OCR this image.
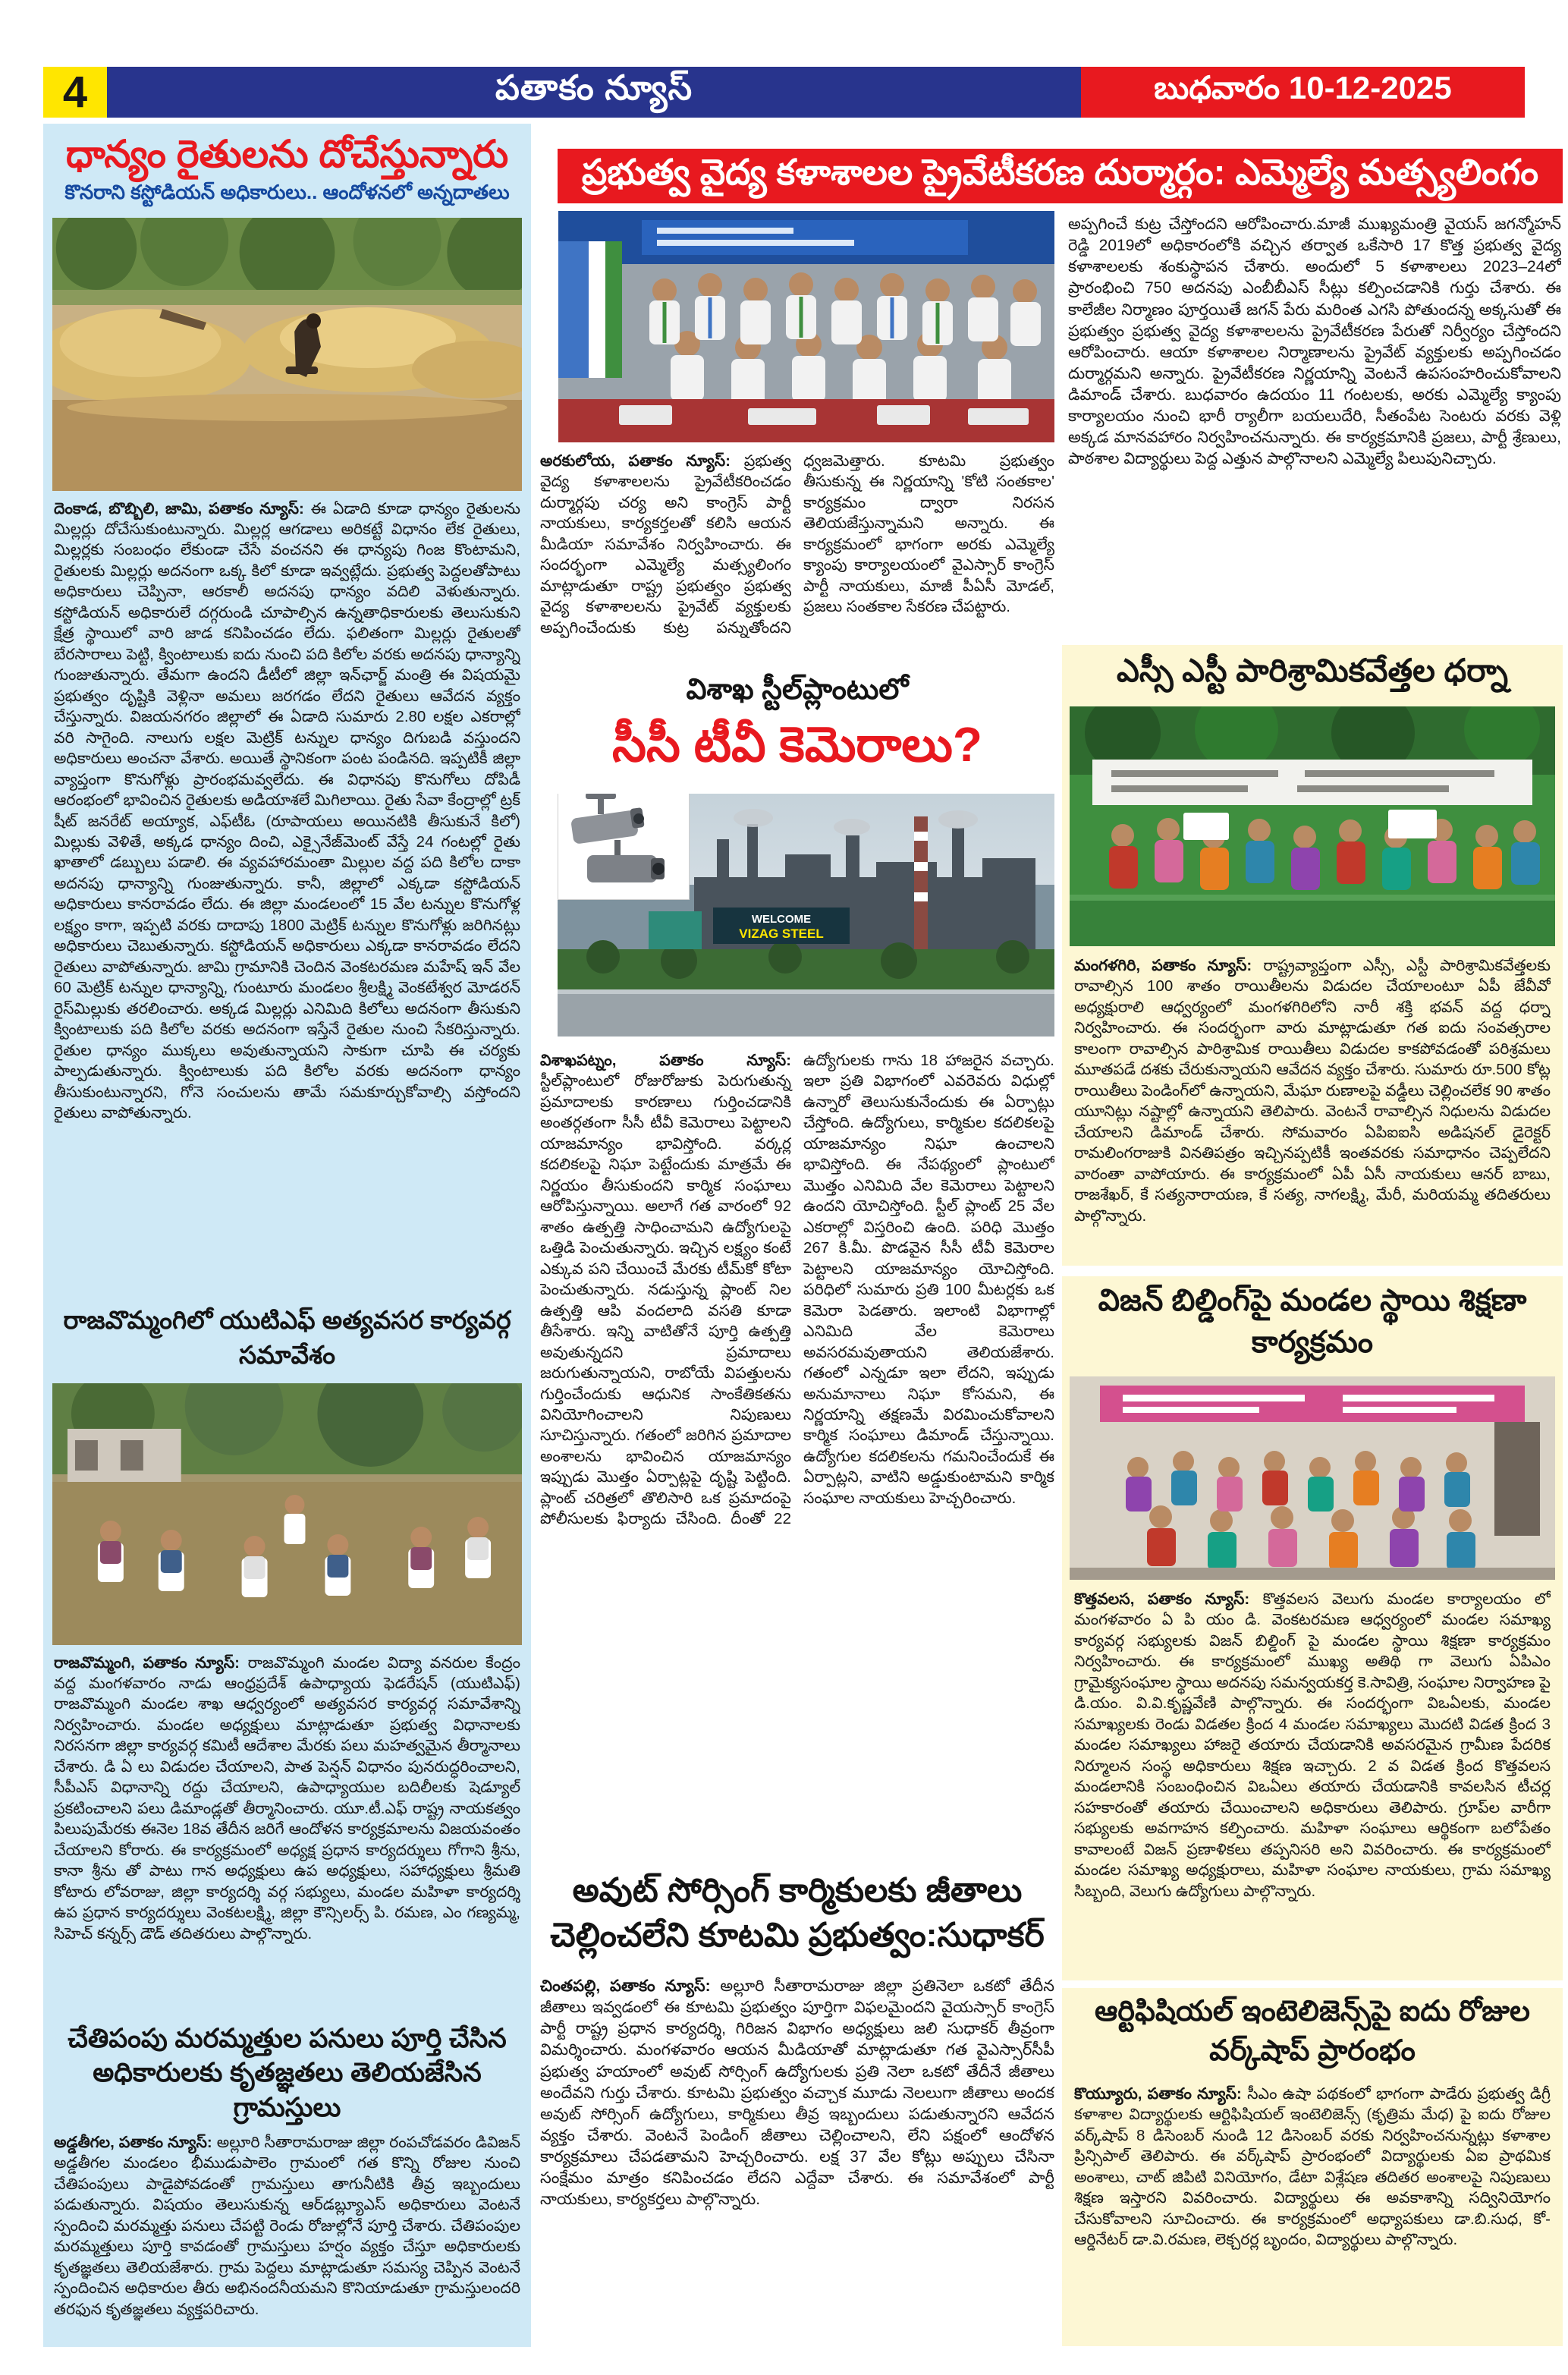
4	పతాకం న్యూస్	బుధవారం 10-12-2025
ధాన్యం రైతులను దోచేస్తున్నారు
కొనరాని కస్టోడియన్ అధికారులు.. ఆందోళనలో అన్నదాతలు
దెంకాడ, బొబ్బిలి, జామి, పతాకం న్యూస్: ఈ ఏడాది కూడా ధాన్యం రైతులను మిల్లర్లు దోచేసుకుంటున్నారు. మిల్లర్ల ఆగడాలు అరికట్టే విధానం లేక రైతులు, మిల్లర్లకు సంబంధం లేకుండా చేసే వంచనని ఈ ధాన్యపు గింజ కొంటామని, రైతులకు మిల్లర్లు అదనంగా ఒక్క కిలో కూడా ఇవ్వట్లేదు. ప్రభుత్వ పెద్దలతోపాటు అధికారులు చెప్పినా, ఆరకాలీ అదనపు ధాన్యం వదిలి వెళుతున్నారు. కస్టోడియన్ అధికారులే దగ్గరుండి చూపాల్సిన ఉన్నతాధికారులకు తెలుసుకుని క్షేత్ర స్థాయిలో వారి జాడ కనిపించడం లేదు. ఫలితంగా మిల్లర్లు రైతులతో బేరసారాలు పెట్టి, క్వింటాలుకు ఐదు నుంచి పది కిలోల వరకు అదనపు ధాన్యాన్ని గుంజుతున్నారు. తేమగా ఉందని డీటీలో జిల్లా ఇన్‌ఛార్జ్ మంత్రి ఈ విషయమై ప్రభుత్వం దృష్టికి వెళ్లినా అమలు జరగడం లేదని రైతులు ఆవేదన వ్యక్తం చేస్తున్నారు. విజయనగరం జిల్లాలో ఈ ఏడాది సుమారు 2.80 లక్షల ఎకరాల్లో వరి సాగైంది. నాలుగు లక్షల మెట్రిక్ టన్నుల ధాన్యం దిగుబడి వస్తుందని అధికారులు అంచనా వేశారు. అయితే స్థానికంగా పంట పండినది. ఇప్పటికీ జిల్లా వ్యాప్తంగా కొనుగోళ్లు ప్రారంభమవ్వలేదు. ఈ విధానపు కొనుగోలు దోపిడీ ఆరంభంలో భావించిన రైతులకు అడియాశలే మిగిలాయి. రైతు సేవా కేంద్రాల్లో ట్రక్ షీట్ జనరేట్ అయ్యాక, ఎఫ్‌టీఓ (రూపాయలు అయినటికి తీసుకునే కిలో) మిల్లుకు వెళితే, అక్కడ ధాన్యం దించి, ఎక్సైనేజ్‌మెంట్ వేస్తే 24 గంటల్లో రైతు ఖాతాలో డబ్బులు పడాలి. ఈ వ్యవహారమంతా మిల్లుల వద్ద పది కిలోల దాకా అదనపు ధాన్యాన్ని గుంజుతున్నారు. కానీ, జిల్లాలో ఎక్కడా కస్టోడియన్ అధికారులు కానరావడం లేదు. ఈ జిల్లా మండలంలో 15 వేల టన్నుల కొనుగోళ్ల లక్ష్యం కాగా, ఇప్పటి వరకు దాదాపు 1800 మెట్రిక్ టన్నుల కొనుగోళ్లు జరిగినట్లు అధికారులు చెబుతున్నారు. కస్టోడియన్ అధికారులు ఎక్కడా కానరావడం లేదని రైతులు వాపోతున్నారు. జామి గ్రామానికి చెందిన వెంకటరమణ మహేష్ ఇన్ వేల 60 మెట్రిక్ టన్నుల ధాన్యాన్ని, గుంటూరు మండలం శ్రీలక్ష్మి వెంకటేశ్వర మోడరన్ రైస్‌మిల్లుకు తరలించారు. అక్కడ మిల్లర్లు ఎనిమిది కిలోలు అదనంగా తీసుకుని క్వింటాలుకు పది కిలోల వరకు అదనంగా ఇస్తేనే రైతుల నుంచి సేకరిస్తున్నారు. రైతుల ధాన్యం ముక్కలు అవుతున్నాయని సాకుగా చూపి ఈ చర్యకు పాల్పడుతున్నారు. క్వింటాలుకు పది కిలోల వరకు అదనంగా ధాన్యం తీసుకుంటున్నారని, గోనె సంచులను తామే సమకూర్చుకోవాల్సి వస్తోందని రైతులు వాపోతున్నారు.
రాజవొమ్మంగిలో యుటిఎఫ్ అత్యవసర కార్యవర్గ సమావేశం
రాజవొమ్మంగి, పతాకం న్యూస్: రాజవొమ్మంగి మండల విద్యా వనరుల కేంద్రం వద్ద మంగళవారం నాడు ఆంధ్రప్రదేశ్ ఉపాధ్యాయ ఫెడరేషన్ (యుటిఎఫ్) రాజవొమ్మంగి మండల శాఖ ఆధ్వర్యంలో అత్యవసర కార్యవర్గ సమావేశాన్ని నిర్వహించారు. మండల అధ్యక్షులు మాట్లాడుతూ ప్రభుత్వ విధానాలకు నిరసనగా జిల్లా కార్యవర్గ కమిటీ ఆదేశాల మేరకు పలు మహత్వమైన తీర్మానాలు చేశారు. డి ఏ లు విడుదల చేయాలని, పాత పెన్షన్ విధానం పునరుద్ధరించాలని, సీపీఎస్ విధానాన్ని రద్దు చేయాలని, ఉపాధ్యాయుల బదిలీలకు షెడ్యూల్ ప్రకటించాలని పలు డిమాండ్లతో తీర్మానించారు. యూ.టీ.ఎఫ్ రాష్ట్ర నాయకత్వం పిలుపుమేరకు ఈనెల 18వ తేదీన జరిగే ఆందోళన కార్యక్రమాలను విజయవంతం చేయాలని కోరారు. ఈ కార్యక్రమంలో అధ్యక్ష ప్రధాన కార్యదర్శులు గోగాని శ్రీను, కానా శ్రీను తో పాటు గాన అధ్యక్షులు ఉప అధ్యక్షులు, సహాధ్యక్షులు శ్రీమతి కోటారు లోవరాజు, జిల్లా కార్యదర్శి వర్గ సభ్యులు, మండల మహిళా కార్యదర్శి ఉప ప్రధాన కార్యదర్శులు వెంకటలక్ష్మి, జిల్లా కౌన్సిలర్స్ పి. రమణ, ఎం గణ్యమ్మ, సిహెచ్ కన్నర్స్ డౌడ్ తదితరులు పాల్గొన్నారు.
చేతిపంపు మరమ్మత్తుల పనులు పూర్తి చేసిన
అధికారులకు కృతజ్ఞతలు తెలియజేసిన గ్రామస్తులు
అడ్డతీగల, పతాకం న్యూస్: అల్లూరి సీతారామరాజు జిల్లా రంపచోడవరం డివిజన్ అడ్డతీగల మండలం భీముడుపాలెం గ్రామంలో గత కొన్ని రోజుల నుంచి చేతిపంపులు పాడైపోవడంతో గ్రామస్తులు తాగునీటికి తీవ్ర ఇబ్బందులు పడుతున్నారు. విషయం తెలుసుకున్న ఆర్‌డబ్ల్యూఎస్ అధికారులు వెంటనే స్పందించి మరమ్మత్తు పనులు చేపట్టి రెండు రోజుల్లోనే పూర్తి చేశారు. చేతిపంపుల మరమ్మత్తులు పూర్తి కావడంతో గ్రామస్తులు హర్షం వ్యక్తం చేస్తూ అధికారులకు కృతజ్ఞతలు తెలియజేశారు. గ్రామ పెద్దలు మాట్లాడుతూ సమస్య చెప్పిన వెంటనే స్పందించిన అధికారుల తీరు అభినందనీయమని కొనియాడుతూ గ్రామస్తులందరి తరఫున కృతజ్ఞతలు వ్యక్తపరిచారు.
ప్రభుత్వ వైద్య కళాశాలల ప్రైవేటీకరణ దుర్మార్గం: ఎమ్మెల్యే మత్స్యలింగం
అప్పగించే కుట్ర చేస్తోందని ఆరోపించారు.మాజీ ముఖ్యమంత్రి వైయస్ జగన్మోహన్ రెడ్డి 2019లో అధికారంలోకి వచ్చిన తర్వాత ఒకేసారి 17 కొత్త ప్రభుత్వ వైద్య కళాశాలలకు శంకుస్థాపన చేశారు. అందులో 5 కళాశాలలు 2023–24లో ప్రారంభించి 750 అదనపు ఎంబీబీఎస్ సీట్లు కల్పించడానికి గుర్తు చేశారు. ఈ కాలేజీల నిర్మాణం పూర్తయితే జగన్ పేరు మరింత ఎగసి పోతుందన్న అక్కసుతో ఈ ప్రభుత్వం ప్రభుత్వ వైద్య కళాశాలలను ప్రైవేటీకరణ పేరుతో నిర్వీర్యం చేస్తోందని ఆరోపించారు. ఆయా కళాశాలల నిర్మాణాలను ప్రైవేట్ వ్యక్తులకు అప్పగించడం దుర్మార్గమని అన్నారు. ప్రైవేటీకరణ నిర్ణయాన్ని వెంటనే ఉపసంహరించుకోవాలని డిమాండ్ చేశారు. బుధవారం ఉదయం 11 గంటలకు, అరకు ఎమ్మెల్యే క్యాంపు కార్యాలయం నుంచి భారీ ర్యాలీగా బయలుదేరి, సీతంపేట సెంటరు వరకు వెళ్లి అక్కడ మానవహారం నిర్వహించనున్నారు. ఈ కార్యక్రమానికి ప్రజలు, పార్టీ శ్రేణులు, పాఠశాల విద్యార్థులు పెద్ద ఎత్తున పాల్గొనాలని ఎమ్మెల్యే పిలుపునిచ్చారు.
అరకులోయ, పతాకం న్యూస్: ప్రభుత్వ వైద్య కళాశాలలను ప్రైవేటీకరించడం దుర్మార్గపు చర్య అని కాంగ్రెస్ పార్టీ నాయకులు, కార్యకర్తలతో కలిసి ఆయన మీడియా సమావేశం నిర్వహించారు. ఈ సందర్భంగా ఎమ్మెల్యే మత్స్యలింగం మాట్లాడుతూ రాష్ట్ర ప్రభుత్వం ప్రభుత్వ వైద్య కళాశాలలను ప్రైవేట్ వ్యక్తులకు అప్పగించేందుకు కుట్ర పన్నుతోందని ధ్వజమెత్తారు. కూటమి ప్రభుత్వం తీసుకున్న ఈ నిర్ణయాన్ని 'కోటి సంతకాల' కార్యక్రమం ద్వారా నిరసన తెలియజేస్తున్నామని అన్నారు. ఈ కార్యక్రమంలో భాగంగా అరకు ఎమ్మెల్యే క్యాంపు కార్యాలయంలో వైఎస్సార్ కాంగ్రెస్ పార్టీ నాయకులు, మాజీ పీఏసీ మోడల్, ప్రజలు సంతకాల సేకరణ చేపట్టారు.
విశాఖ స్టీల్‌ప్లాంటులో
సీసీ టీవీ కెమెరాలు?
WELCOME
VIZAG STEEL
విశాఖపట్నం, పతాకం న్యూస్: స్టీల్‌ప్లాంటులో రోజురోజుకు పెరుగుతున్న ప్రమాదాలకు కారణాలు గుర్తించడానికి అంతర్గతంగా సీసీ టీవీ కెమెరాలు పెట్టాలని యాజమాన్యం భావిస్తోంది. వర్కర్ల కదలికలపై నిఘా పెట్టేందుకు మాత్రమే ఈ నిర్ణయం తీసుకుందని కార్మిక సంఘాలు ఆరోపిస్తున్నాయి. అలాగే గత వారంలో 92 శాతం ఉత్పత్తి సాధించామని ఉద్యోగులపై ఒత్తిడి పెంచుతున్నారు. ఇచ్చిన లక్ష్యం కంటే ఎక్కువ పని చేయించే మేరకు టీమ్‌కో కోటా పెంచుతున్నారు. నడుస్తున్న ప్లాంట్ నిల ఉత్పత్తి ఆపి వందలాది వసతి కూడా తీసేశారు. ఇన్ని వాటితోనే పూర్తి ఉత్పత్తి అవుతున్నదని ప్రమాదాలు జరుగుతున్నాయని, రాబోయే విపత్తులను గుర్తించేందుకు ఆధునిక సాంకేతికతను వినియోగించాలని నిపుణులు సూచిస్తున్నారు. గతంలో జరిగిన ప్రమాదాల అంశాలను భావించిన యాజమాన్యం ఇప్పుడు మొత్తం ఏర్పాట్లపై దృష్టి పెట్టింది. ప్లాంట్ చరిత్రలో తొలిసారి ఒక ప్రమాదంపై పోలీసులకు ఫిర్యాదు చేసింది. దీంతో 22 ఉద్యోగులకు గాను 18 హాజరైన వచ్చారు. ఇలా ప్రతి విభాగంలో ఎవరెవరు విధుల్లో ఉన్నారో తెలుసుకునేందుకు ఈ ఏర్పాట్లు చేస్తోంది. ఉద్యోగులు, కార్మికుల కదలికలపై యాజమాన్యం నిఘా ఉంచాలని భావిస్తోంది. ఈ నేపథ్యంలో ప్లాంటులో మొత్తం ఎనిమిది వేల కెమెరాలు పెట్టాలని ఉందని యోచిస్తోంది. స్టీల్ ప్లాంట్ 25 వేల ఎకరాల్లో విస్తరించి ఉంది. పరిధి మొత్తం 267 కి.మీ. పొడవైన సీసీ టీవీ కెమెరాల పెట్టాలని యాజమాన్యం యోచిస్తోంది. పరిధిలో సుమారు ప్రతి 100 మీటర్లకు ఒక కెమెరా పెడతారు. ఇలాంటి విభాగాల్లో ఎనిమిది వేల కెమెరాలు అవసరమవుతాయని తెలియజేశారు. గతంలో ఎన్నడూ ఇలా లేదని, ఇప్పుడు అనుమానాలు నిఘా కోసమని, ఈ నిర్ణయాన్ని తక్షణమే విరమించుకోవాలని కార్మిక సంఘాలు డిమాండ్ చేస్తున్నాయి. ఉద్యోగుల కదలికలను గమనించేందుకే ఈ ఏర్పాట్లని, వాటిని అడ్డుకుంటామని కార్మిక సంఘాల నాయకులు హెచ్చరించారు.
అవుట్ సోర్సింగ్ కార్మికులకు జీతాలు
చెల్లించలేని కూటమి ప్రభుత్వం:సుధాకర్
చింతపల్లి, పతాకం న్యూస్: అల్లూరి సీతారామరాజు జిల్లా ప్రతినెలా ఒకటో తేదీన జీతాలు ఇవ్వడంలో ఈ కూటమి ప్రభుత్వం పూర్తిగా విఫలమైందని వైయస్సార్ కాంగ్రెస్ పార్టీ రాష్ట్ర ప్రధాన కార్యదర్శి, గిరిజన విభాగం అధ్యక్షులు జలి సుధాకర్ తీవ్రంగా విమర్శించారు. మంగళవారం ఆయన మీడియాతో మాట్లాడుతూ గత వైఎస్సార్‌సీపీ ప్రభుత్వ హయాంలో అవుట్ సోర్సింగ్ ఉద్యోగులకు ప్రతి నెలా ఒకటో తేదీనే జీతాలు అందేవని గుర్తు చేశారు. కూటమి ప్రభుత్వం వచ్చాక మూడు నెలలుగా జీతాలు అందక అవుట్ సోర్సింగ్ ఉద్యోగులు, కార్మికులు తీవ్ర ఇబ్బందులు పడుతున్నారని ఆవేదన వ్యక్తం చేశారు. వెంటనే పెండింగ్ జీతాలు చెల్లించాలని, లేని పక్షంలో ఆందోళన కార్యక్రమాలు చేపడతామని హెచ్చరించారు. లక్ష 37 వేల కోట్లు అప్పులు చేసినా సంక్షేమం మాత్రం కనిపించడం లేదని ఎద్దేవా చేశారు. ఈ సమావేశంలో పార్టీ నాయకులు, కార్యకర్తలు పాల్గొన్నారు.
ఎస్సీ ఎస్టీ పారిశ్రామికవేత్తల ధర్నా
మంగళగిరి, పతాకం న్యూస్: రాష్ట్రవ్యాప్తంగా ఎస్సీ, ఎస్టీ పారిశ్రామికవేత్తలకు రావాల్సిన 100 శాతం రాయితీలను విడుదల చేయాలంటూ ఏపీ జేవీవో అధ్యక్షురాలి ఆధ్వర్యంలో మంగళగిరిలోని నారీ శక్తి భవన్ వద్ద ధర్నా నిర్వహించారు. ఈ సందర్భంగా వారు మాట్లాడుతూ గత ఐదు సంవత్సరాల కాలంగా రావాల్సిన పారిశ్రామిక రాయితీలు విడుదల కాకపోవడంతో పరిశ్రమలు మూతపడే దశకు చేరుకున్నాయని ఆవేదన వ్యక్తం చేశారు. సుమారు రూ.500 కోట్ల రాయితీలు పెండింగ్‌లో ఉన్నాయని, మేఘా రుణాలపై వడ్డీలు చెల్లించలేక 90 శాతం యూనిట్లు నష్టాల్లో ఉన్నాయని తెలిపారు. వెంటనే రావాల్సిన నిధులను విడుదల చేయాలని డిమాండ్ చేశారు. సోమవారం ఏపిఐఐసి అడిషనల్ డైరెక్టర్ రామలింగరాజుకి వినతిపత్రం ఇచ్చినప్పటికీ ఇంతవరకు సమాధానం చెప్పలేదని వారంతా వాపోయారు. ఈ కార్యక్రమంలో ఏపీ ఏసీ నాయకులు ఆనర్ బాబు, రాజశేఖర్, కే సత్యనారాయణ, కే సత్య, నాగలక్ష్మి, మేరీ, మరియమ్మ తదితరులు పాల్గొన్నారు.
విజన్ బిల్డింగ్‌పై మండల స్థాయి శిక్షణా కార్యక్రమం
కొత్తవలస, పతాకం న్యూస్: కొత్తవలస వెలుగు మండల కార్యాలయం లో మంగళవారం ఏ పి యం డి. వెంకటరమణ ఆధ్వర్యంలో మండల సమాఖ్య కార్యవర్గ సభ్యులకు విజన్ బిల్డింగ్ పై మండల స్థాయి శిక్షణా కార్యక్రమం నిర్వహించారు. ఈ కార్యక్రమంలో ముఖ్య అతిథి గా వెలుగు ఏపిఎం గ్రామైక్యసంఘాల స్థాయి అదనపు సమన్వయకర్త కె.సావిత్రి, సంఘాల నిర్వాహణ పై డి.యం. వి.వి.కృష్ణవేణి పాల్గొన్నారు. ఈ సందర్భంగా విఒఏలకు, మండల సమాఖ్యలకు రెండు విడతల క్రింద 4 మండల సమాఖ్యలు మొదటి విడత క్రింద 3 మండల సమాఖ్యలు హాజరై తయారు చేయడానికి అవసరమైన గ్రామీణ పేదరిక నిర్మూలన సంస్థ అధికారులు శిక్షణ ఇచ్చారు. 2 వ విడత క్రింద కొత్తవలస మండలానికి సంబంధించిన విఒఏలు తయారు చేయడానికి కావలసిన టీచర్ల సహకారంతో తయారు చేయించాలని అధికారులు తెలిపారు. గ్రూప్‌ల వారీగా సభ్యులకు అవగాహన కల్పించారు. మహిళా సంఘాలు ఆర్థికంగా బలోపేతం కావాలంటే విజన్ ప్రణాళికలు తప్పనిసరి అని వివరించారు. ఈ కార్యక్రమంలో మండల సమాఖ్య అధ్యక్షురాలు, మహిళా సంఘాల నాయకులు, గ్రామ సమాఖ్య సిబ్బంది, వెలుగు ఉద్యోగులు పాల్గొన్నారు.
ఆర్టిఫిషియల్ ఇంటెలిజెన్స్‌పై ఐదు రోజుల వర్క్‌షాప్ ప్రారంభం
కొయ్యూరు, పతాకం న్యూస్: సీఎం ఉషా పథకంలో భాగంగా పాడేరు ప్రభుత్వ డిగ్రీ కళాశాల విద్యార్థులకు ఆర్టిఫిషియల్ ఇంటెలిజెన్స్ (కృత్రిమ మేధ) పై ఐదు రోజుల వర్క్‌షాప్ 8 డిసెంబర్ నుండి 12 డిసెంబర్ వరకు నిర్వహించనున్నట్లు కళాశాల ప్రిన్సిపాల్ తెలిపారు. ఈ వర్క్‌షాప్ ప్రారంభంలో విద్యార్థులకు ఏఐ ప్రాథమిక అంశాలు, చాట్ జిపిటి వినియోగం, డేటా విశ్లేషణ తదితర అంశాలపై నిపుణులు శిక్షణ ఇస్తారని వివరించారు. విద్యార్థులు ఈ అవకాశాన్ని సద్వినియోగం చేసుకోవాలని సూచించారు. ఈ కార్యక్రమంలో అధ్యాపకులు డా.బి.సుధ, కో-ఆర్డినేటర్ డా.వి.రమణ, లెక్చరర్ల బృందం, విద్యార్థులు పాల్గొన్నారు.
